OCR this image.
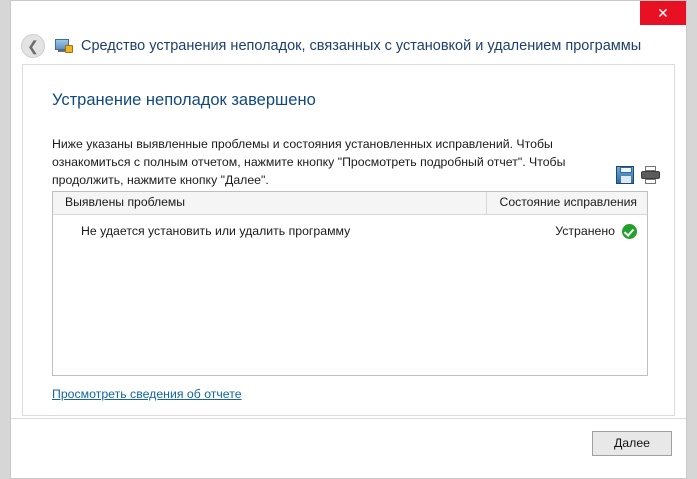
✕
❮	Средство устранения неполадок, связанных с установкой и удалением программы
Устранение неполадок завершено
Ниже указаны выявленные проблемы и состояния установленных исправлений. Чтобы ознакомиться с полным отчетом, нажмите кнопку "Просмотреть подробный отчет". Чтобы продолжить, нажмите кнопку "Далее".
Выявлены проблемы	Состояние исправления
Не удается установить или удалить программу	Устранено
Просмотреть сведения об отчете
Далее
